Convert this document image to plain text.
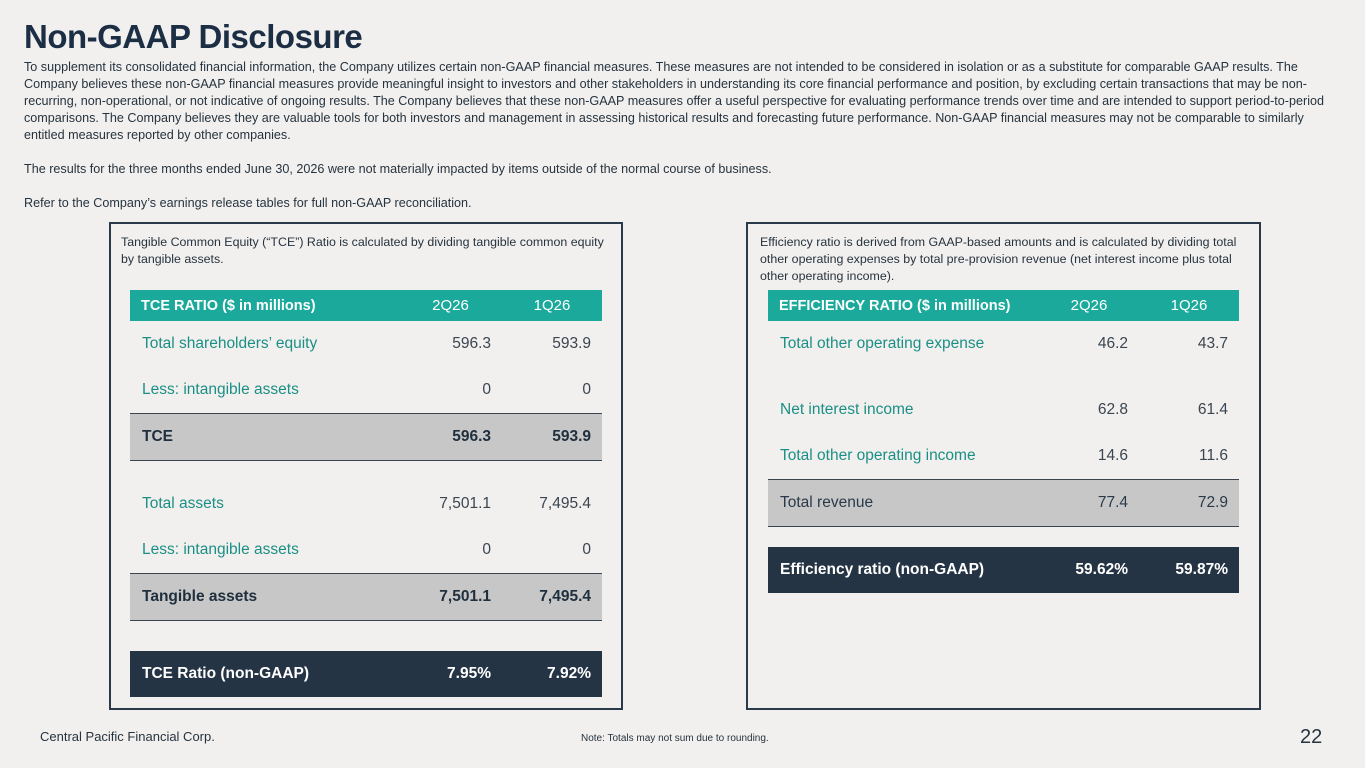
Non-GAAP Disclosure

To supplement its consolidated financial information, the Company utilizes certain non-GAAP financial measures. These measures are not intended to be considered in isolation or as a substitute for comparable GAAP results. The Company believes these non-GAAP financial measures provide meaningful insight to investors and other stakeholders in understanding its core financial performance and position, by excluding certain transactions that may be non-recurring, non-operational, or not indicative of ongoing results. The Company believes that these non-GAAP measures offer a useful perspective for evaluating performance trends over time and are intended to support period-to-period comparisons. The Company believes they are valuable tools for both investors and management in assessing historical results and forecasting future performance. Non-GAAP financial measures may not be comparable to similarly entitled measures reported by other companies.

The results for the three months ended June 30, 2026 were not materially impacted by items outside of the normal course of business.

Refer to the Company’s earnings release tables for full non-GAAP reconciliation.

Tangible Common Equity (“TCE”) Ratio is calculated by dividing tangible common equity by tangible assets.
TCE RATIO ($ in millions)	2Q26	1Q26
Total shareholders’ equity	596.3	593.9
Less: intangible assets	0	0
TCE	596.3	593.9
Total assets	7,501.1	7,495.4
Less: intangible assets	0	0
Tangible assets	7,501.1	7,495.4
TCE Ratio (non-GAAP)	7.95%	7.92%
Efficiency ratio is derived from GAAP-based amounts and is calculated by dividing total other operating expenses by total pre-provision revenue (net interest income plus total other operating income).
EFFICIENCY RATIO ($ in millions)	2Q26	1Q26
Total other operating expense	46.2	43.7
Net interest income	62.8	61.4
Total other operating income	14.6	11.6
Total revenue	77.4	72.9
Efficiency ratio (non-GAAP)	59.62%	59.87%
Central Pacific Financial Corp.	Note: Totals may not sum due to rounding.	22
